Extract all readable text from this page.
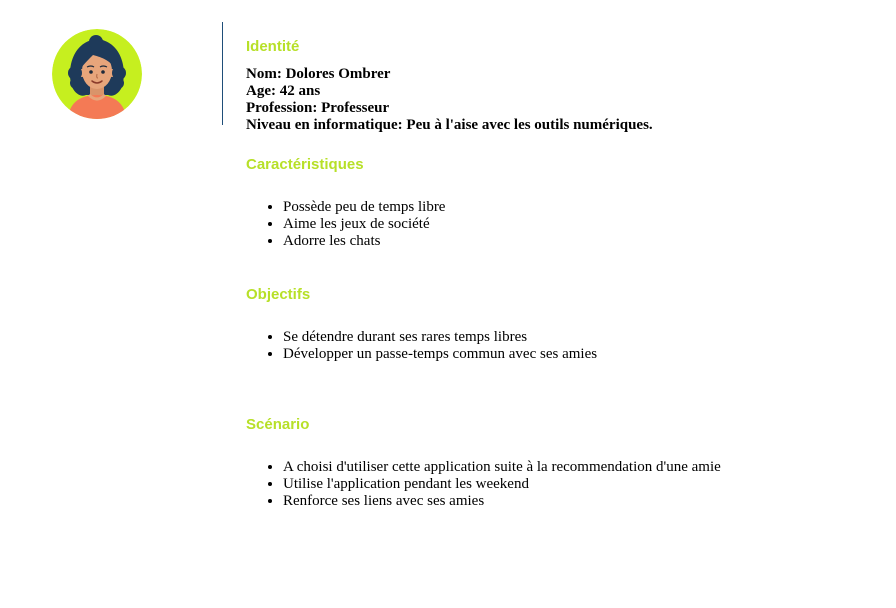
Identité
Nom: Dolores Ombrer
Age: 42 ans
Profession: Professeur
Niveau en informatique: Peu à l'aise avec les outils numériques.
Caractéristiques
• Possède peu de temps libre
• Aime les jeux de société
• Adorre les chats
Objectifs
• Se détendre durant ses rares temps libres
• Développer un passe-temps commun avec ses amies
Scénario
• A choisi d'utiliser cette application suite à la recommendation d'une amie
• Utilise l'application pendant les weekend
• Renforce ses liens avec ses amies
